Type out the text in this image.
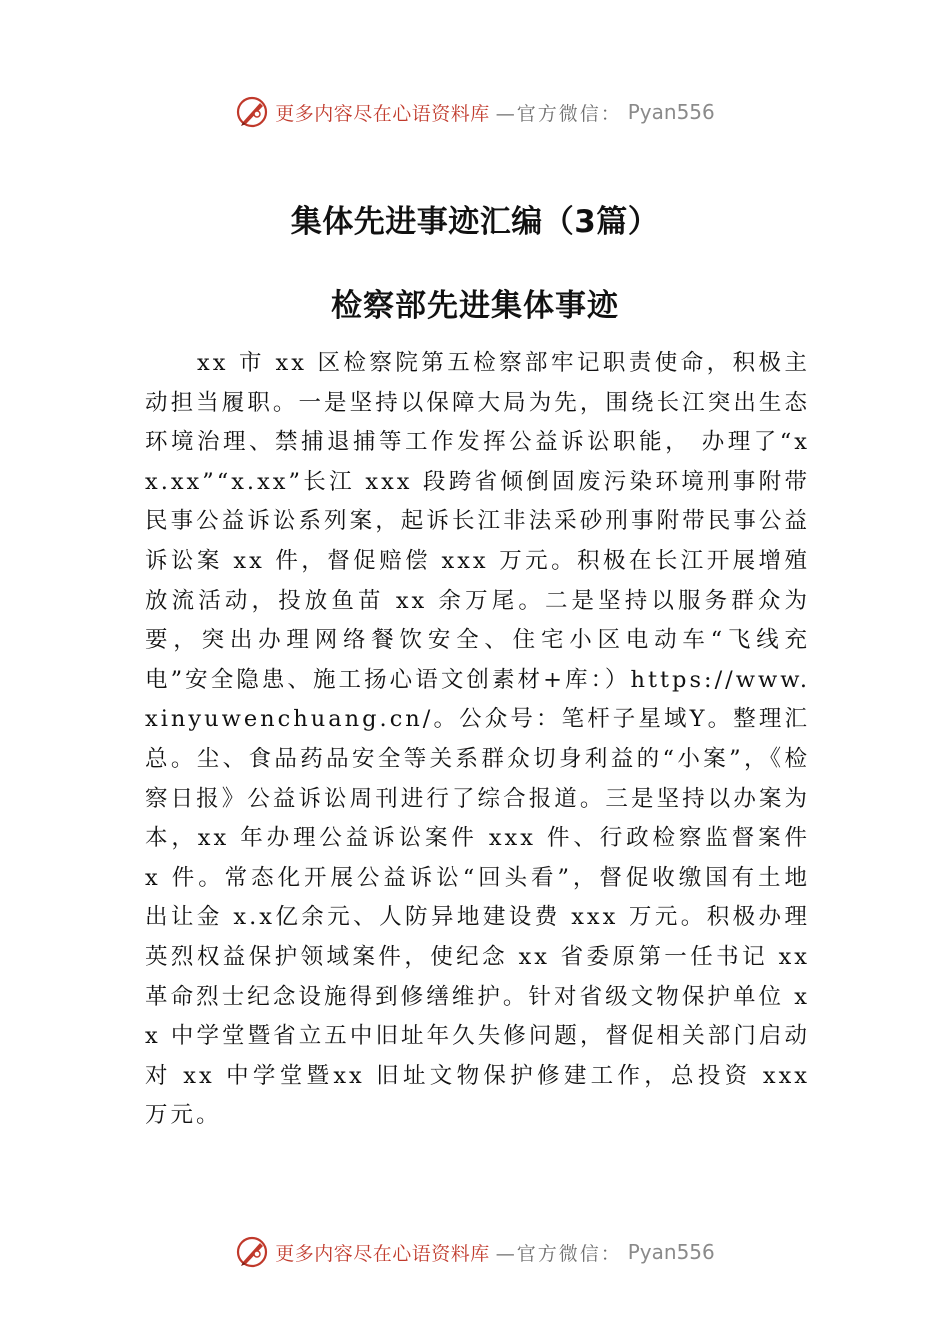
更多内容尽在心语资料库 —官方微信： Pyan556
集体先进事迹汇编（3篇）
检察部先进集体事迹

xx 市 xx 区检察院第五检察部牢记职责使命，积极主动担当履职。一是坚持以保障大局为先，围绕长江突出生态环境治理、禁捕退捕等工作发挥公益诉讼职能， 办理了“xx.xx”“x.xx”长江 xxx 段跨省倾倒固废污染环境刑事附带民事公益诉讼系列案，起诉长江非法采砂刑事附带民事公益诉讼案 xx 件，督促赔偿 xxx 万元。积极在长江开展增殖放流活动，投放鱼苗 xx 余万尾。二是坚持以服务群众为要，突出办理网络餐饮安全、住宅小区电动车“飞线充电”安全隐患、施工扬心语文创素材+库：）https://www.xinyuwenchuang.cn/。公众号：笔杆子星域Y。整理汇总。尘、食品药品安全等关系群众切身利益的“小案”，《检察日报》公益诉讼周刊进行了综合报道。三是坚持以办案为本，xx 年办理公益诉讼案件 xxx 件、行政检察监督案件 x 件。常态化开展公益诉讼“回头看”，督促收缴国有土地出让金 x.x亿余元、人防异地建设费 xxx 万元。积极办理英烈权益保护领域案件，使纪念 xx 省委原第一任书记 xx 革命烈士纪念设施得到修缮维护。针对省级文物保护单位 xx 中学堂暨省立五中旧址年久失修问题，督促相关部门启动对 xx 中学堂暨xx 旧址文物保护修建工作，总投资 xxx 万元。

更多内容尽在心语资料库 —官方微信： Pyan556
